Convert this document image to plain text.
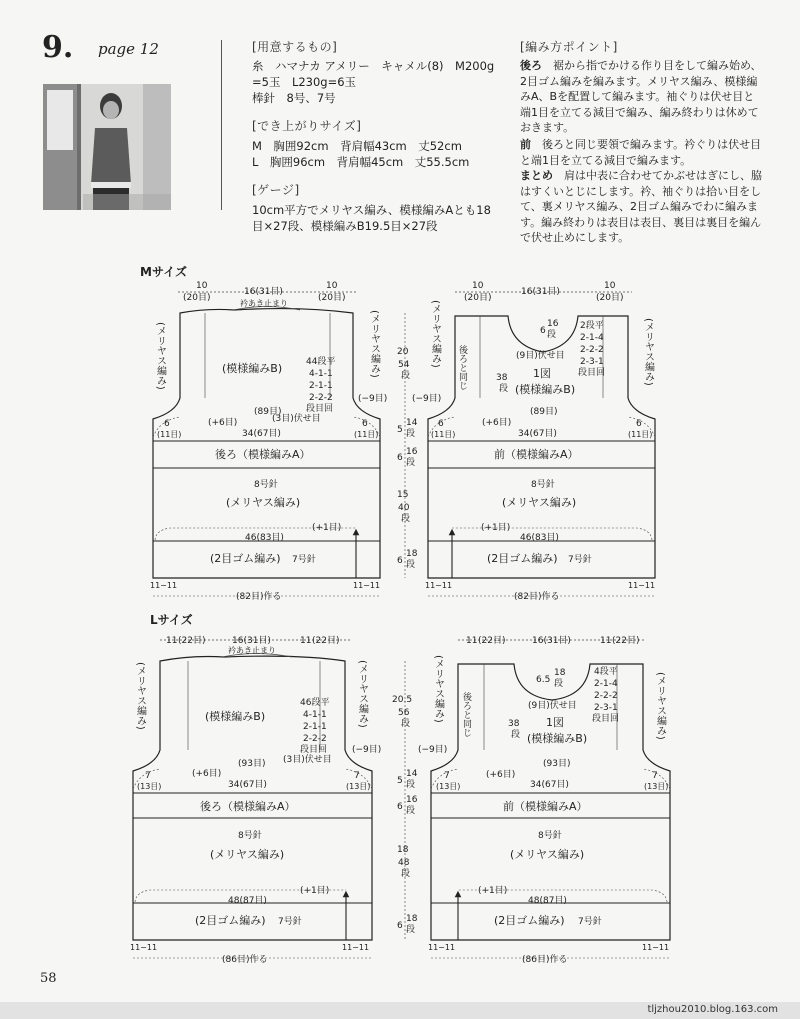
9. page 12	[用意するもの]
糸　ハマナカ アメリー　キャメル(8)　M200g
=5玉　L230g=6玉
棒針　8号、7号
[でき上がりサイズ]
M　胸囲92cm　背肩幅43cm　丈52cm
L　胸囲96cm　背肩幅45cm　丈55.5cm
[ゲージ]
10cm平方でメリヤス編み、模様編みAとも18
目×27段、模様編みB19.5目×27段
[編み方ポイント]
後ろ　 裾から指でかける作り目をして編み始め、2目ゴム編みを編みます。メリヤス編み、模様編みA、Bを配置して編みます。袖ぐりは伏せ目と端1目を立てる減目で編み、編み終わりは休めておきます。
前　 後ろと同じ要領で編みます。衿ぐりは伏せ目と端1目を立てる減目で編みます。
まとめ　 肩は中表に合わせてかぶせはぎにし、脇はすくいとじにします。衿、袖ぐりは拾い目をして、裏メリヤス編み、2目ゴム編みでわに編みます。編み終わりは表目は表目、裏目は裏目を編んで伏せ止めにします。
Mサイズ
10
(20目)
16(31目)
10
(20目)
衿あき止まり
(模様編みB)	44段平
4-1-1
2-1-1
2-2-2
段目回
(3目)伏せ目
(89目)
(+6目)
34(67目)
6
(11目)
6
(11目)
(−9目)
後ろ（模様編みA）
8号針
(メリヤス編み)
(+1目)
46(83目)
(2目ゴム編み) 7号針
11−11	11−11
(82目)作る
(メリヤス編み)	(メリヤス編み) 20
54
段
5
14
段
6
16
段
15
40
段
6
18
段
10
(20目)
16(31目)
10
(20目)
6
16
段
2段平
2-1-4
2-2-2
2-3-1
段目回
(9目)伏せ目
1図
(模様編みB)
後ろと同じ	38
段
(89目)
(+6目)
34(67目)
6
(11目)
6
(11目)
(−9目)
前（模様編みA）
8号針
(メリヤス編み)
(+1目)
46(83目)
(2目ゴム編み) 7号針
11−11	11−11
(82目)作る
(メリヤス編み)	(メリヤス編み)
Lサイズ
11 (22目)	16(31目)	11 (22目)
衿あき止まり
(模様編みB)
46段平
4-1-1
2-1-1
2-2-2
段目回
(3目)伏せ目
(93目)
(+6目)
34(67目)
7
(13目)
7
(13目)
(−9目)
後ろ（模様編みA）
8号針
(メリヤス編み)
(+1目)
48(87目)
(2目ゴム編み) 7号針
11−11	11−11
(86目)作る
(メリヤス編み)	(メリヤス編み)	20.5
56
段
5
14
段
6
16
段
18
48
段
6
18
段
11 (22目)	16(31目)	11 (22目)
6.5
18
段
4段平
2-1-4
2-2-2
2-3-1
段目回
(9目)伏せ目
1図
(模様編みB)
後ろと同じ	38
段
(93目)
(+6目)
34(67目)
7
(13目)
7
(13目)
(−9目)
前（模様編みA）
8号針
(メリヤス編み)
(+1目)
48(87目)
(2目ゴム編み) 7号針
11−11	11−11
(86目)作る
(メリヤス編み)	(メリヤス編み)
58
tljzhou2010.blog.163.com
